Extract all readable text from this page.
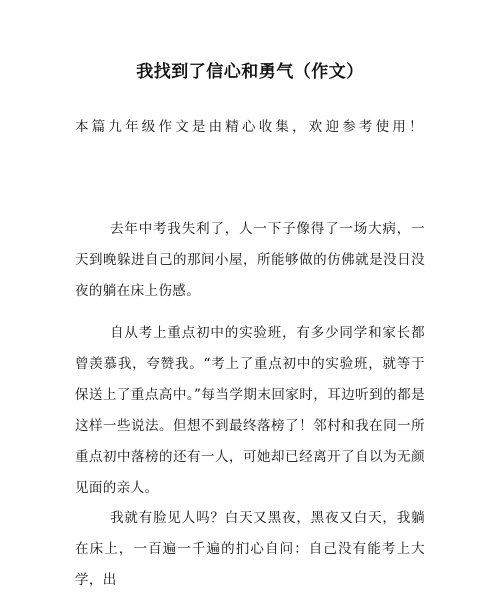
我找到了信心和勇气（作文）
本篇九年级作文是由精心收集，欢迎参考使用！

去年中考我失利了，人一下子像得了一场大病，一天到晚躲进自己的那间小屋，所能够做的仿佛就是没日没夜的躺在床上伤感。

自从考上重点初中的实验班，有多少同学和家长都曾羡慕我，夸赞我。“考上了重点初中的实验班，就等于保送上了重点高中。”每当学期末回家时，耳边听到的都是这样一些说法。但想不到最终落榜了！邻村和我在同一所重点初中落榜的还有一人，可她却已经离开了自以为无颜见面的亲人。

我就有脸见人吗？白天又黑夜，黑夜又白天，我躺在床上，一百遍一千遍的扪心自问：自己没有能考上大学，出
